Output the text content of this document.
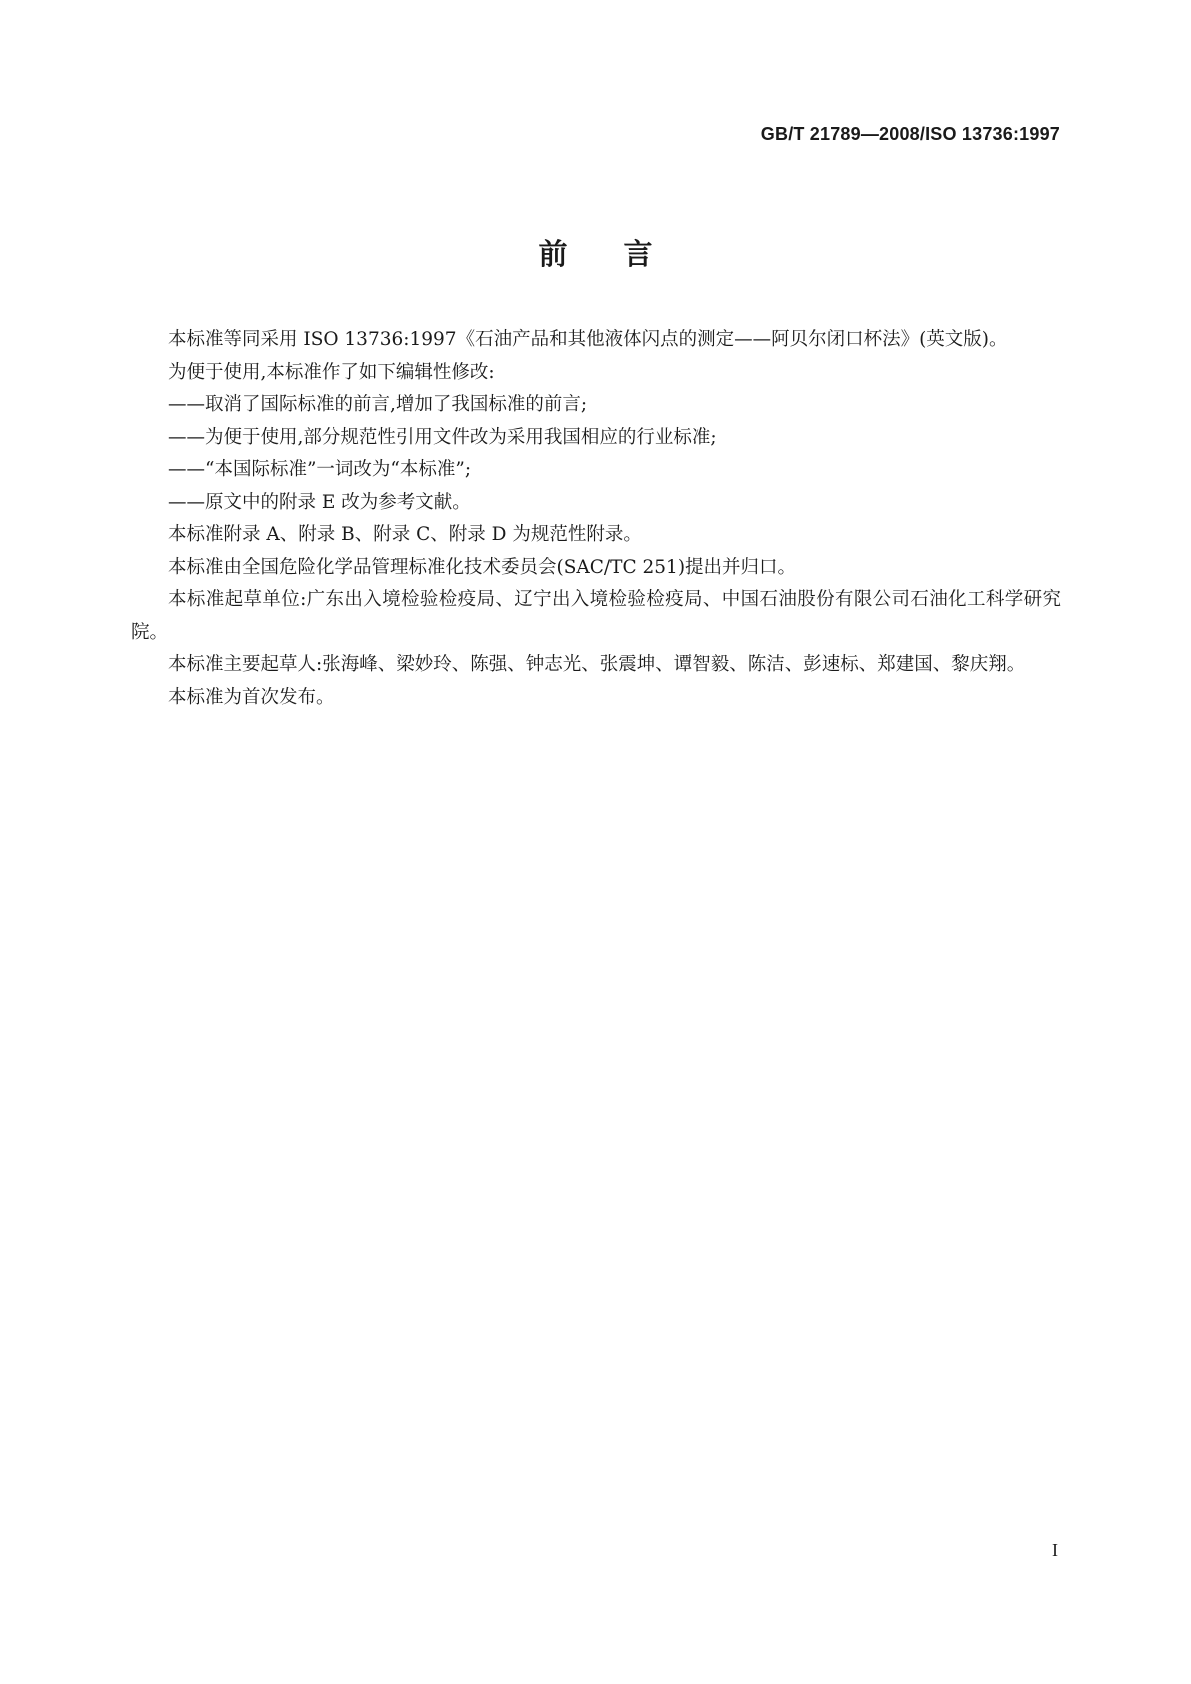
GB/T 21789—2008/ISO 13736:1997
前言

本标准等同采用 ISO 13736:1997《石油产品和其他液体闪点的测定——阿贝尔闭口杯法》(英文版)。

为便于使用,本标准作了如下编辑性修改:

——取消了国际标准的前言,增加了我国标准的前言;

——为便于使用,部分规范性引用文件改为采用我国相应的行业标准;

——“本国际标准”一词改为“本标准”;

——原文中的附录 E 改为参考文献。

本标准附录 A、附录 B、附录 C、附录 D 为规范性附录。

本标准由全国危险化学品管理标准化技术委员会(SAC/TC 251)提出并归口。

本标准起草单位:广东出入境检验检疫局、辽宁出入境检验检疫局、中国石油股份有限公司石油化工科学研究院。

本标准主要起草人:张海峰、梁妙玲、陈强、钟志光、张震坤、谭智毅、陈洁、彭速标、郑建国、黎庆翔。

本标准为首次发布。

I
